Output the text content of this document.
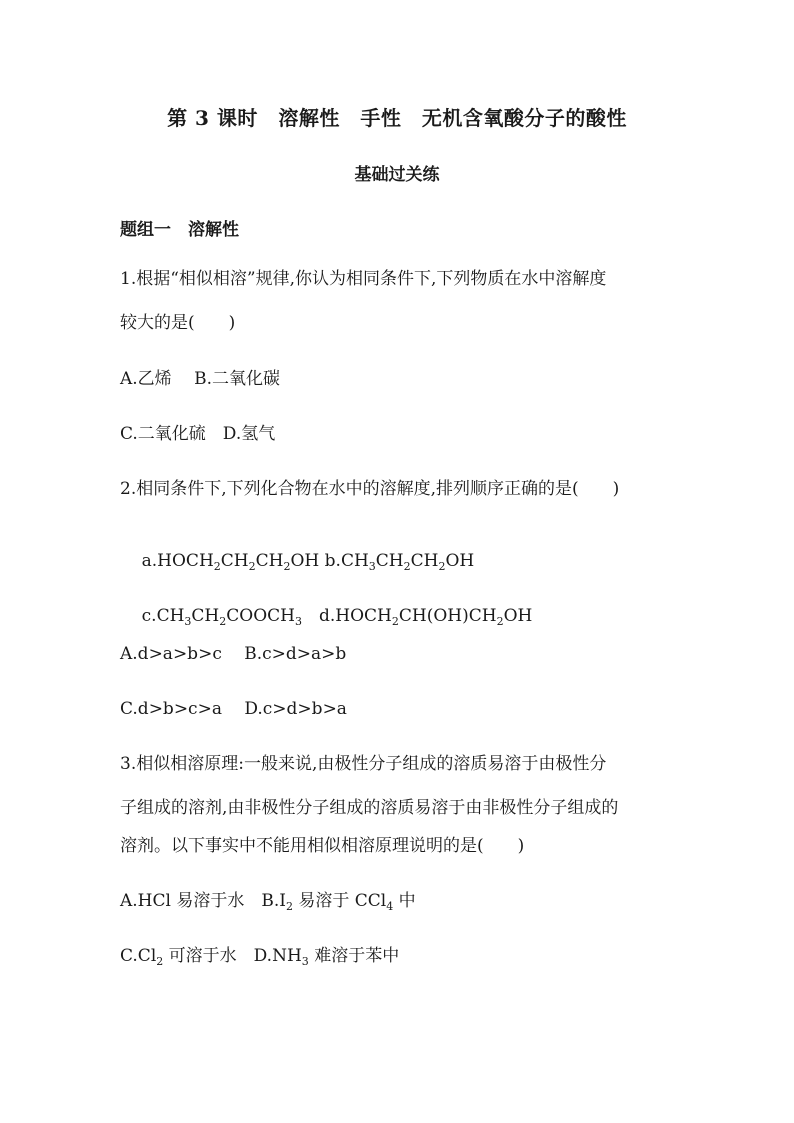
第 3 课时　溶解性　手性　无机含氧酸分子的酸性
基础过关练
题组一　溶解性
1.根据“相似相溶”规律,你认为相同条件下,下列物质在水中溶解度
较大的是(　　)
A.乙烯　 B.二氧化碳
C.二氧化硫　D.氢气
2.相同条件下,下列化合物在水中的溶解度,排列顺序正确的是(　　)

$a.HOCH_2CH_2CH_2OH$ $b.CH_3CH_2CH_2OH$

$c.CH_3CH_2COOCH_3$　$d.HOCH_2CH(OH)CH_2OH$

A.d>a>b>c　 B.c>d>a>b
C.d>b>c>a　 D.c>d>b>a
3.相似相溶原理:一般来说,由极性分子组成的溶质易溶于由极性分
子组成的溶剂,由非极性分子组成的溶质易溶于由非极性分子组成的
溶剂。以下事实中不能用相似相溶原理说明的是(　　)
A.HCl 易溶于水　$B.I_2$ 易溶于 CCl$_4$ 中
$C.Cl_2$ 可溶于水　$D.NH_3$ 难溶于苯中
